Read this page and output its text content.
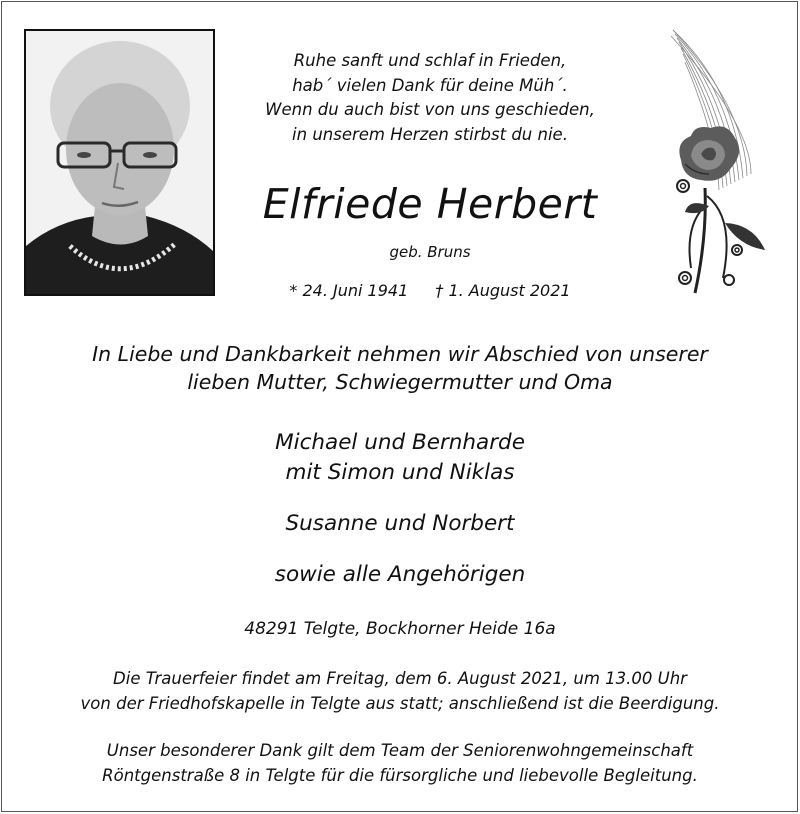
Ruhe sanft und schlaf in Frieden,
hab´ vielen Dank für deine Müh´.
Wenn du auch bist von uns geschieden,
in unserem Herzen stirbst du nie.
Elfriede Herbert
geb. Bruns
* 24. Juni 1941 † 1. August 2021
In Liebe und Dankbarkeit nehmen wir Abschied von unserer
lieben Mutter, Schwiegermutter und Oma
Michael und Bernharde
mit Simon und Niklas
Susanne und Norbert
sowie alle Angehörigen
48291 Telgte, Bockhorner Heide 16a
Die Trauerfeier findet am Freitag, dem 6. August 2021, um 13.00 Uhr
von der Friedhofskapelle in Telgte aus statt; anschließend ist die Beerdigung.
Unser besonderer Dank gilt dem Team der Seniorenwohngemeinschaft
Röntgenstraße 8 in Telgte für die fürsorgliche und liebevolle Begleitung.
